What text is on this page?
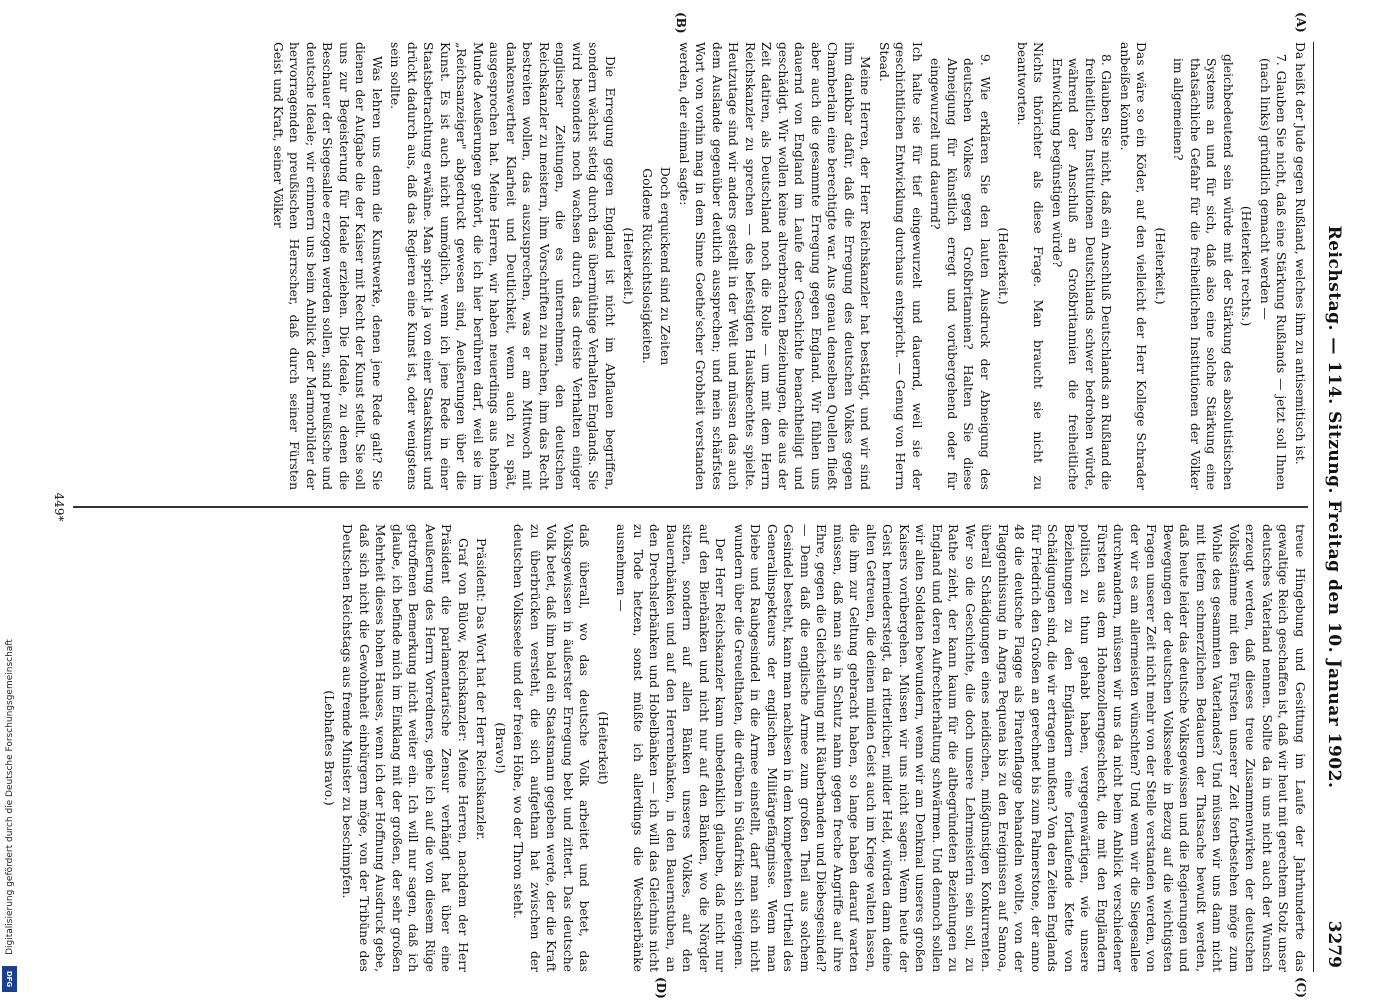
Digitalisierung gefördert durch die Deutsche Forschungsgemeinschaft
DFG
Reichstag. — 114. Sitzung. Freitag den 10. Januar 1902.
3279

Da heißt der Jude gegen Rußland, welches ihm zu antisemitisch ist.

7. Glauben Sie nicht, daß eine Stärkung Rußlands — jetzt soll Ihnen (nach links) gründlich gemacht werden —

(Heiterkeit rechts.)

gleichbedeutend sein würde mit der Stärkung des absolutistischen Systems an und für sich, daß also eine solche Stärkung eine thatsächliche Gefahr für die freiheitlichen Institutionen der Völker im allgemeinen?

(Heiterkeit.)

Das wäre so ein Köder, auf den vielleicht der Herr Kollege Schrader anbeißen könnte.

8. Glauben Sie nicht, daß ein Anschluß Deutschlands an Rußland die freiheitlichen Institutionen Deutschlands schwer bedrohen würde, während der Anschluß an Großbritannien die freiheitliche Entwicklung begünstigen würde?

Nichts thörichter als diese Frage. Man braucht sie nicht zu beantworten.

(Heiterkeit.)

9. Wie erklären Sie den lauten Ausdruck der Abneigung des deutschen Volkes gegen Großbritannien? Halten Sie diese Abneigung für künstlich erregt und vorübergehend oder für eingewurzelt und dauernd?

Ich halte sie für tief eingewurzelt und dauernd, weil sie der geschichtlichen Entwicklung durchaus entspricht. — Genug von Herrn Stead.

Meine Herren, der Herr Reichskanzler hat bestätigt, und wir sind ihm dankbar dafür, daß die Erregung des deutschen Volkes gegen Chamberlain eine berechtigte war. Aus genau denselben Quellen fließt aber auch die gesammte Erregung gegen England. Wir fühlen uns dauernd von England im Laufe der Geschichte benachtheiligt und geschädigt. Wir wollen keine altverbrachten Beziehungen, die aus der Zeit datiren, als Deutschland noch die Rolle — um mit dem Herrn Reichskanzler zu sprechen — des befestigten Hausknechtes spielte. Heutzutage sind wir anders gestellt in der Welt und müssen das auch dem Auslande gegenüber deutlich aussprechen; und mein schärfstes Wort von vorhin mag in dem Sinne Goethe'scher Grobheit verstanden werden, der einmal sagte:

Doch erquickend sind zu Zeiten

Goldene Rücksichtslosigkeiten.

(Heiterkeit.)

Die Erregung gegen England ist nicht im Abflauen begriffen, sondern wächst stetig durch das übermüthige Verhalten Englands. Sie wird besonders noch wachsen durch das dreiste Verhalten einiger englischer Zeitungen, die es unternehmen, den deutschen Reichskanzler zu meistern, ihm Vorschriften zu machen, ihm das Recht bestreiten wollen, das auszusprechen, was er am Mittwoch mit dankenswerther Klarheit und Deutlichkeit, wenn auch zu spät, ausgesprochen hat. Meine Herren, wir haben neuerdings aus hohem Munde Aeußerungen gehört, die ich hier berühren darf, weil sie im „Reichsanzeiger" abgedruckt gewesen sind, Aeußerungen über die Kunst. Es ist auch nicht unmöglich, wenn ich jene Rede in einer Staatsbetrachtung erwähne. Man spricht ja von einer Staatskunst und drückt dadurch aus, daß das Regieren eine Kunst ist, oder wenigstens sein sollte.

Was lehren uns denn die Kunstwerke, denen jene Rede galt? Sie dienen der Aufgabe die der Kaiser mit Recht der Kunst stellt. Sie soll uns zur Begeisterung für Ideale erziehen. Die Ideale, zu denen die Beschauer der Siegesallee erzogen werden sollen, sind preußische und deutsche Ideale; wir erinnern uns beim Anblick der Marmorbilder der hervorragenden preußischen Herrscher, daß durch seiner Fürsten Geist und Kraft, seiner Völker

treue Hingebung und Gesittung im Laufe der Jahrhunderte das gewaltige Reich geschaffen ist, daß wir heut mit gerechtem Stolz unser deutsches Vaterland nennen. Sollte da in uns nicht auch der Wunsch erzeugt werden, daß dieses treue Zusammenwirken der deutschen Volksstämme mit den Fürsten unserer Zeit fortbestehen möge zum Wohle des gesammten Vaterlandes? Und müssen wir uns dann nicht mit tiefem schmerzlichen Bedauern der Thatsache bewußt werden, daß heute leider das deutsche Volksgewissen und die Regierungen und Bewegungen der deutschen Volksseele in Bezug auf die wichtigsten Fragen unserer Zeit nicht mehr von der Stelle verstanden werden, von der wir es am allermeisten wünschten? Und wenn wir die Siegesallee durchwandern, müssen wir uns da nicht beim Anblick verschiedener Fürsten aus dem Hohenzollerngeschlecht, die mit den Engländern politisch zu thun gehabt haben, vergegenwärtigen, wie unsere Beziehungen zu den Engländern eine fortlaufende Kette von Schädigungen sind, die wir ertragen mußten? Von den Zeiten Englands für Friedrich den Großen an gerechnet bis zum Palmerstone, der anno 48 die deutsche Flagge als Piratenflagge behandeln wollte, von der Flaggenhissung in Angra Pequena bis zu den Ereignissen auf Samoa, überall Schädigungen eines neidischen, mißgünstigen Konkurrenten. Wer so die Geschichte, die doch unsere Lehrmeisterin sein soll, zu Rathe zieht, der kann kaum für die altbegründeten Beziehungen zu England und deren Aufrechterhaltung schwärmen. Und dennoch sollen wir alten Soldaten bewundern, wenn wir am Denkmal unseres großen Kaisers vorübergehen. Müssen wir uns nicht sagen: Wenn heute der Geist herniedersteigt, da ritterlicher, milder Held, würden dann deine alten Getreuen, die deinen milden Geist auch im Kriege walten lassen, die ihm zur Geltung gebracht haben, so lange haben darauf warten müssen, daß man sie in Schutz nahm gegen freche Angriffe auf ihre Ehre, gegen die Gleichstellung mit Räuberbanden und Diebesgesindel? — Denn daß die englische Armee zum großen Theil aus solchem Gesindel besteht, kann man nachlesen in dem kompetenten Urtheil des Generalinspekteurs der englischen Militärgefängnisse. Wenn man Diebe und Raubgesindel in die Armee einstellt, darf man sich nicht wundern über die Greuelthaten, die drüben in Südafrika sich ereignen.

Der Herr Reichskanzler kann unbedenklich glauben, daß nicht nur auf den Bierbänken und nicht nur auf den Bänken, wo die Nörgler sitzen, sondern auf allen Bänken unseres Volkes, auf den Bauernbänken und auf den Herrenbänken, in den Bauernstuben, an den Drechslerbänken und Hobelbänken — ich will das Gleichnis nicht zu Tode hetzen, sonst müßte ich allerdings die Wechslerbänke ausnehmen —

(Heiterkeit)

daß überall, wo das deutsche Volk arbeitet und betet, das Volksgewissen in äußerster Erregung bebt und zittert. Das deutsche Volk betet, daß ihm bald ein Staatsmann gegeben werde, der die Kraft zu überbrücken versteht, die sich aufgethan hat zwischen der deutschen Volksseele und der freien Höhe, wo der Thron steht.

(Bravo!)

Präsident: Das Wort hat der Herr Reichskanzler.

Graf von Bülow, Reichskanzler: Meine Herren, nachdem der Herr Präsident die parlamentarische Zensur verhängt hat über eine Aeußerung des Herrn Vorredners, gehe ich auf die von diesem Rüge getroffenen Bemerkung nicht weiter ein. Ich will nur sagen, daß ich glaube, ich befinde mich im Einklang mit der großen, der sehr großen Mehrheit dieses hohen Hauses, wenn ich der Hoffnung Ausdruck gebe, daß sich nicht die Gewohnheit einbürgern möge, von der Tribüne des Deutschen Reichstags aus fremde Minister zu beschimpfen.

(Lebhaftes Bravo.)

(A)
(B)
(C)
(D)
449*
